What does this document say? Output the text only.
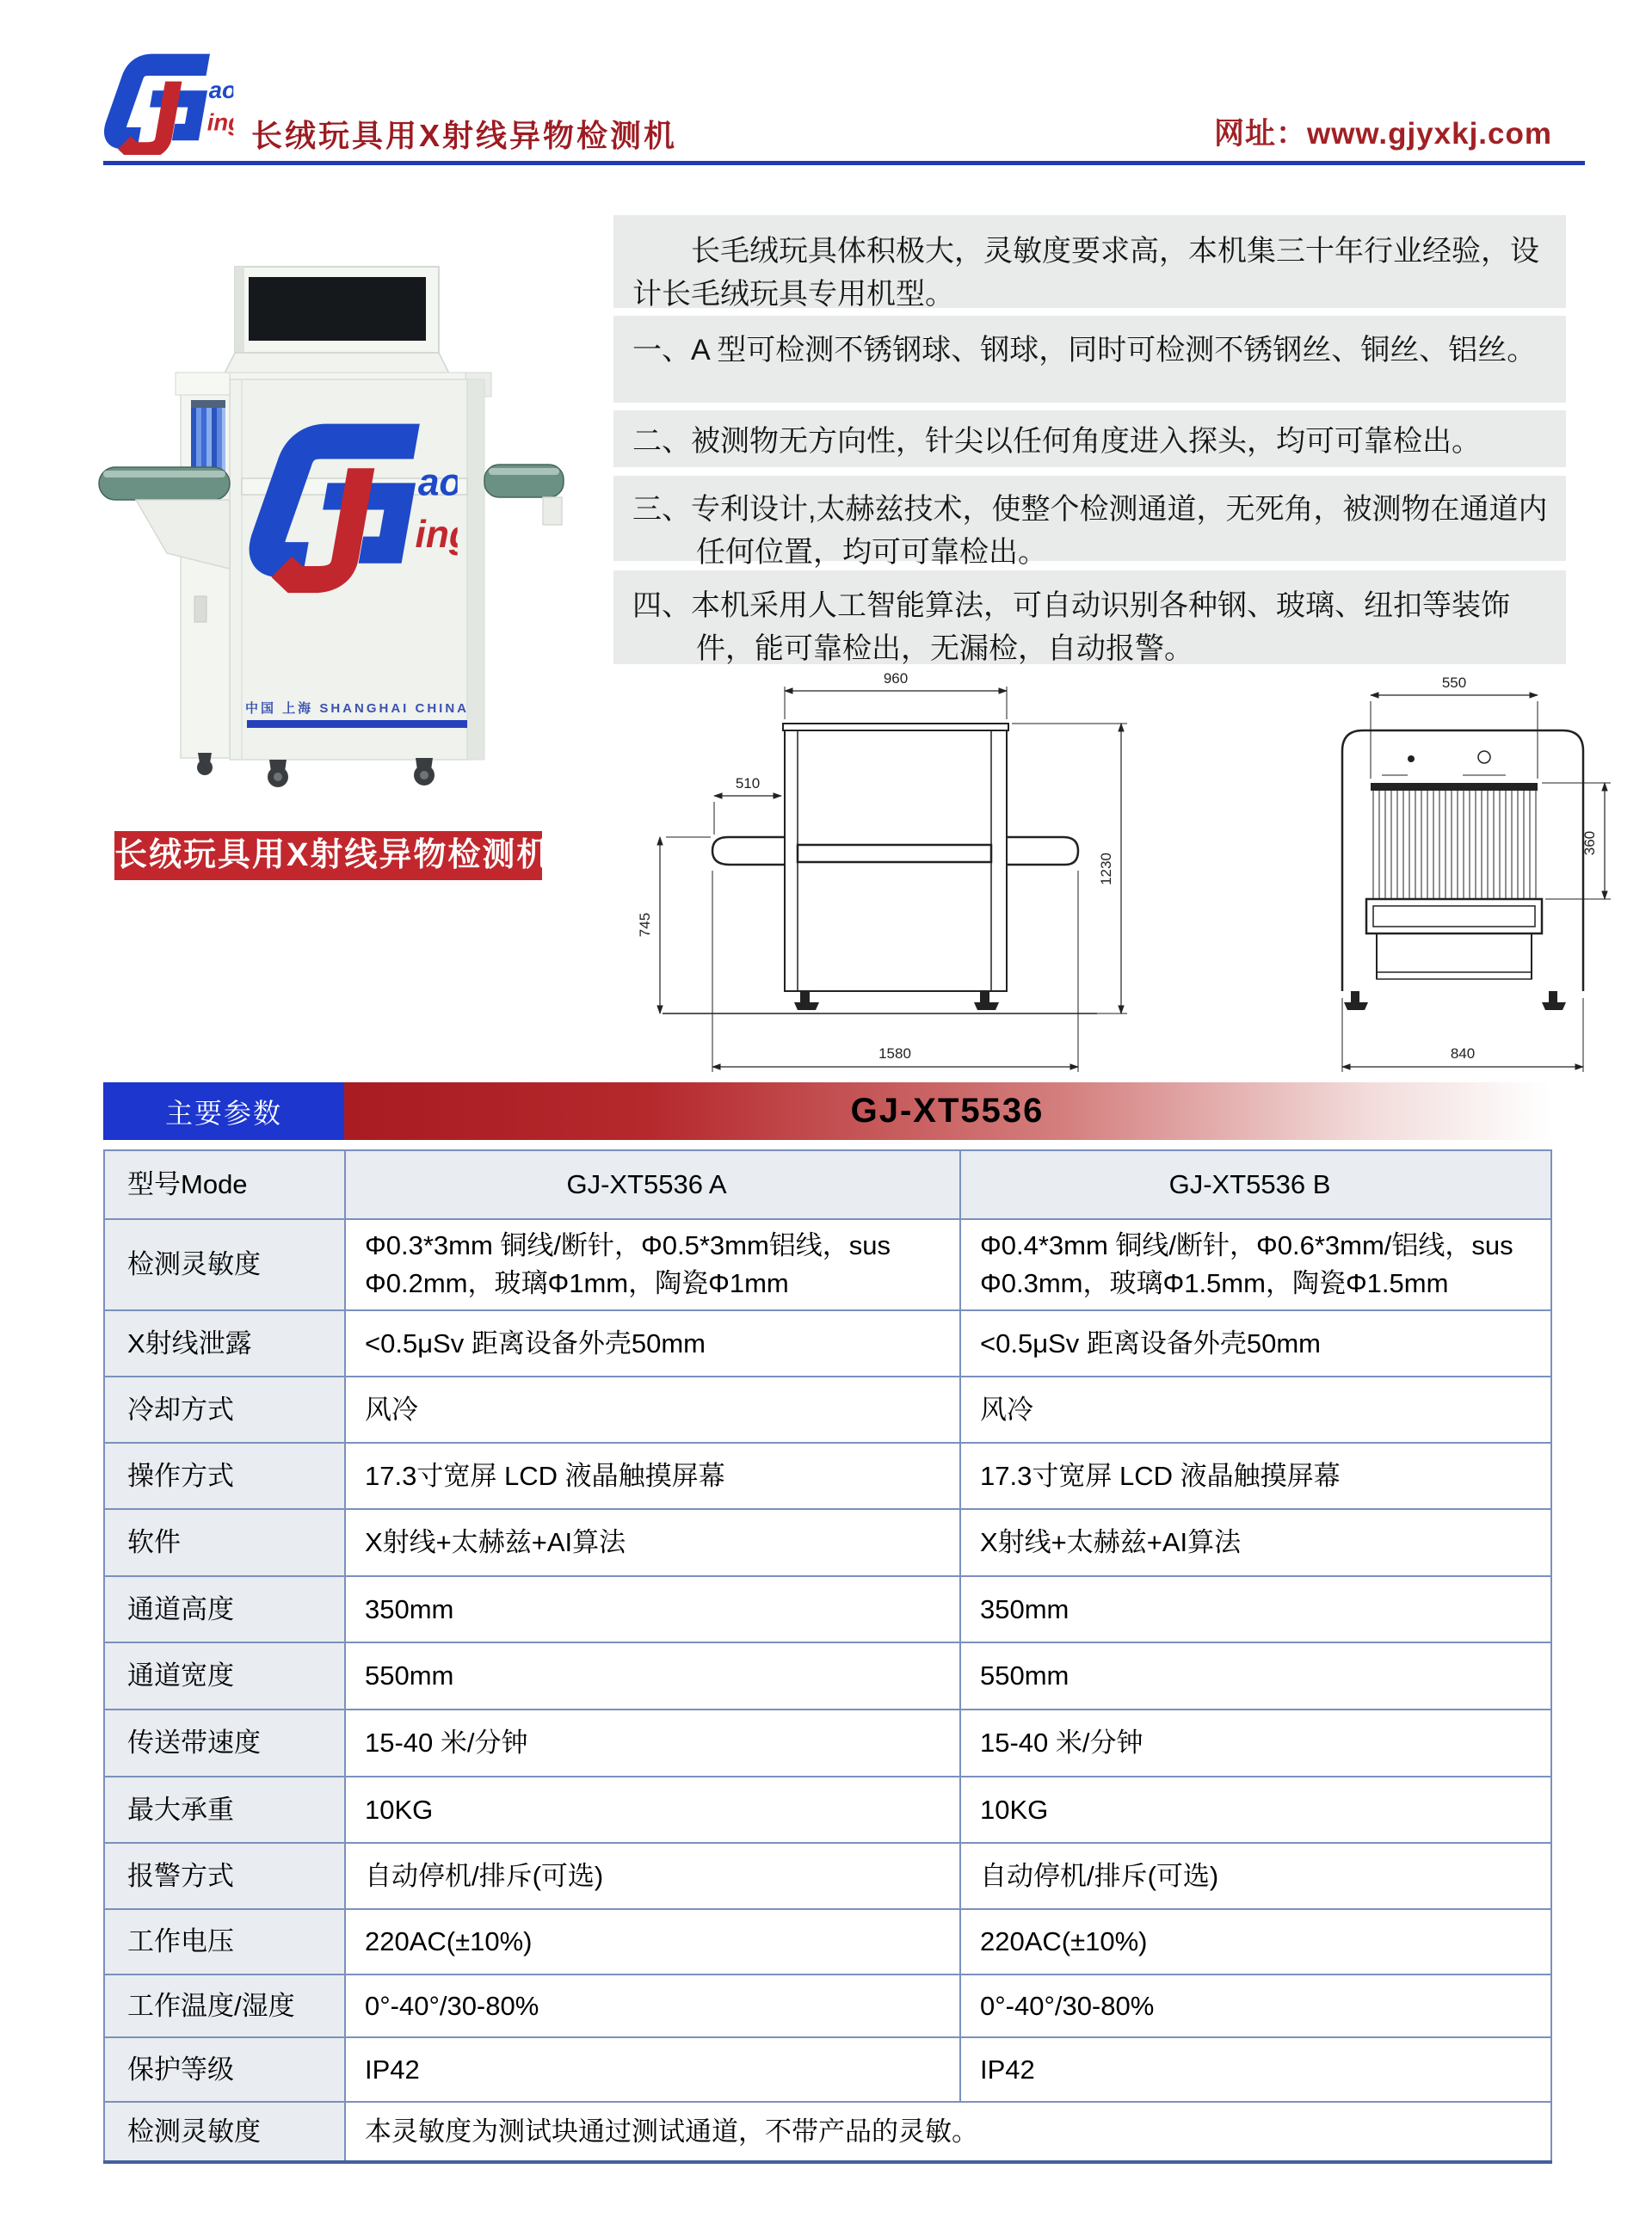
长绒玩具用X射线异物检测机	网址：www.gjyxkj.com
中国 上海 SHANGHAI CHINA
长绒玩具用X射线异物检测机
长毛绒玩具体积极大，灵敏度要求高，本机集三十年行业经验，设计长毛绒玩具专用机型。
一、A 型可检测不锈钢球、钢球，同时可检测不锈钢丝、铜丝、铝丝。
二、被测物无方向性，针尖以任何角度进入探头，均可可靠检出。
三、专利设计,太赫兹技术，使整个检测通道，无死角，被测物在通道内任何位置，均可可靠检出。
四、本机采用人工智能算法，可自动识别各种钢、玻璃、纽扣等装饰件，能可靠检出，无漏检，自动报警。
960
510
745
1230
1580
550
360
840
主要参数	GJ-XT5536
型号Mode	GJ-XT5536 A	GJ-XT5536 B
检测灵敏度	Φ0.3*3mm 铜线/断针，Φ0.5*3mm铝线，sus Φ0.2mm，玻璃Φ1mm，陶瓷Φ1mm	Φ0.4*3mm 铜线/断针，Φ0.6*3mm/铝线，sus Φ0.3mm，玻璃Φ1.5mm，陶瓷Φ1.5mm
X射线泄露	<0.5μSv 距离设备外壳50mm	<0.5μSv 距离设备外壳50mm
冷却方式	风冷	风冷
操作方式	17.3寸宽屏 LCD 液晶触摸屏幕	17.3寸宽屏 LCD 液晶触摸屏幕
软件	X射线+太赫兹+AI算法	X射线+太赫兹+AI算法
通道高度	350mm	350mm
通道宽度	550mm	550mm
传送带速度	15-40 米/分钟	15-40 米/分钟
最大承重	10KG	10KG
报警方式	自动停机/排斥(可选)	自动停机/排斥(可选)
工作电压	220AC(±10%)	220AC(±10%)
工作温度/湿度	0°-40°/30-80%	0°-40°/30-80%
保护等级	IP42	IP42
检测灵敏度	本灵敏度为测试块通过测试通道，不带产品的灵敏。	
